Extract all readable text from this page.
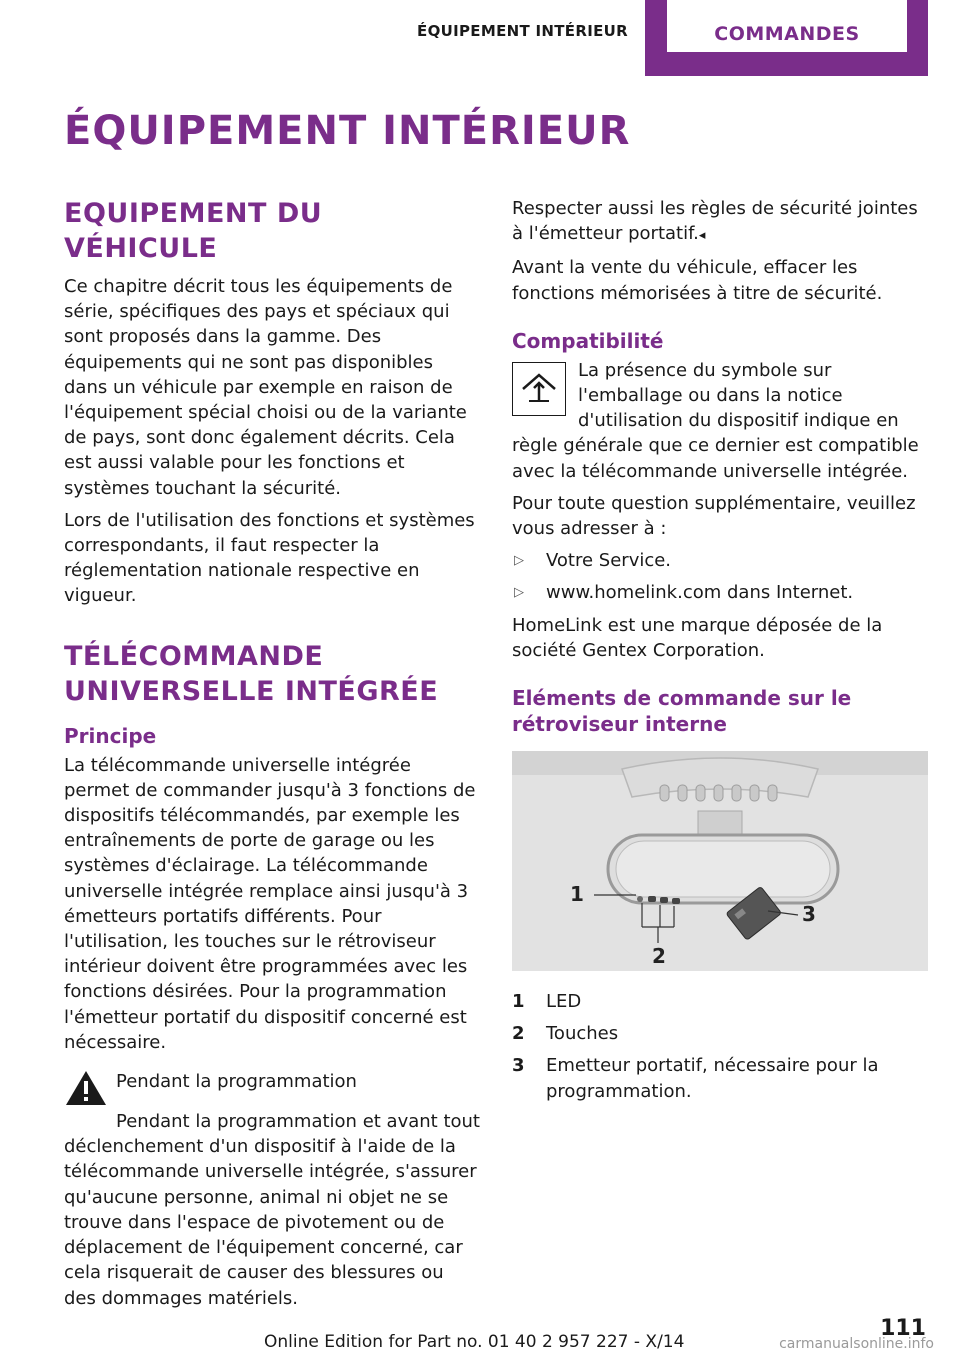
ÉQUIPEMENT INTÉRIEUR	COMMANDES
ÉQUIPEMENT INTÉRIEUR
EQUIPEMENT DU VÉHICULE

Ce chapitre décrit tous les équipements de série, spécifiques des pays et spéciaux qui sont proposés dans la gamme. Des équipements qui ne sont pas disponibles dans un véhicule par exemple en raison de l'équipement spécial choisi ou de la variante de pays, sont donc également décrits. Cela est aussi valable pour les fonctions et systèmes touchant la sécurité.

Lors de l'utilisation des fonctions et systèmes correspondants, il faut respecter la réglementation nationale respective en vigueur.

TÉLÉCOMMANDE UNIVERSELLE INTÉGRÉE
Principe

La télécommande universelle intégrée permet de commander jusqu'à 3 fonctions de dispositifs télécommandés, par exemple les entraînements de porte de garage ou les systèmes d'éclairage. La télécommande universelle intégrée remplace ainsi jusqu'à 3 émetteurs portatifs différents. Pour l'utilisation, les touches sur le rétroviseur intérieur doivent être programmées avec les fonctions désirées. Pour la programmation l'émetteur portatif du dispositif concerné est nécessaire.

Pendant la programmation

Pendant la programmation et avant tout déclenchement d'un dispositif à l'aide de la télécommande universelle intégrée, s'assurer qu'aucune personne, animal ni objet ne se trouve dans l'espace de pivotement ou de déplacement de l'équipement concerné, car cela risquerait de causer des blessures ou des dommages matériels.

Respecter aussi les règles de sécurité jointes à l'émetteur portatif.◂

Avant la vente du véhicule, effacer les fonctions mémorisées à titre de sécurité.

Compatibilité

La présence du symbole sur l'emballage ou dans la notice d'utilisation du dispositif indique en règle générale que ce dernier est compatible avec la télécommande universelle intégrée.

Pour toute question supplémentaire, veuillez vous adresser à :

▷ Votre Service.
▷ www.homelink.com dans Internet.

HomeLink est une marque déposée de la société Gentex Corporation.

Eléments de commande sur le rétroviseur interne
1
2
3
1	LED
2	Touches
3	Emetteur portatif, nécessaire pour la programmation.
111
Online Edition for Part no. 01 40 2 957 227 - X/14	carmanualsonline.info
